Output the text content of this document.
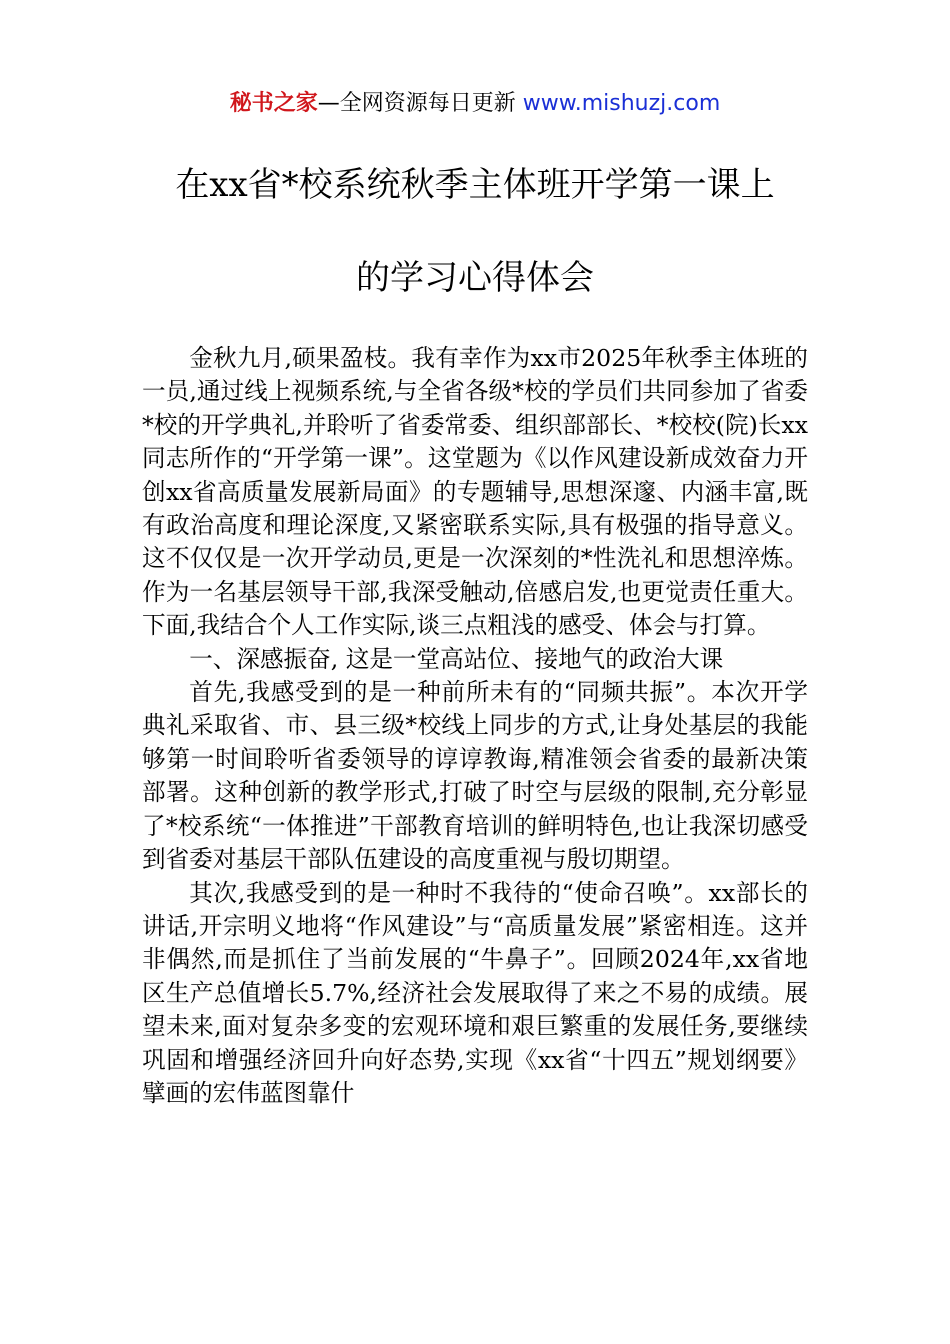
秘书之家—全网资源每日更新 www.mishuzj.com
在xx省*校系统秋季主体班开学第一课上
的学习心得体会

金秋九月,硕果盈枝。我有幸作为xx市2025年秋季主体班的一员,通过线上视频系统,与全省各级*校的学员们共同参加了省委*校的开学典礼,并聆听了省委常委、组织部部长、*校校(院)长xx同志所作的“开学第一课”。这堂题为《以作风建设新成效奋力开创xx省高质量发展新局面》的专题辅导,思想深邃、内涵丰富,既有政治高度和理论深度,又紧密联系实际,具有极强的指导意义。这不仅仅是一次开学动员,更是一次深刻的*性洗礼和思想淬炼。作为一名基层领导干部,我深受触动,倍感启发,也更觉责任重大。下面,我结合个人工作实际,谈三点粗浅的感受、体会与打算。

一、深感振奋, 这是一堂高站位、接地气的政治大课

首先,我感受到的是一种前所未有的“同频共振”。本次开学典礼采取省、市、县三级*校线上同步的方式,让身处基层的我能够第一时间聆听省委领导的谆谆教诲,精准领会省委的最新决策部署。这种创新的教学形式,打破了时空与层级的限制,充分彰显了*校系统“一体推进”干部教育培训的鲜明特色,也让我深切感受到省委对基层干部队伍建设的高度重视与殷切期望。

其次,我感受到的是一种时不我待的“使命召唤”。xx部长的讲话,开宗明义地将“作风建设”与“高质量发展”紧密相连。这并非偶然,而是抓住了当前发展的“牛鼻子”。回顾2024年,xx省地区生产总值增长5.7%,经济社会发展取得了来之不易的成绩。展望未来,面对复杂多变的宏观环境和艰巨繁重的发展任务,要继续巩固和增强经济回升向好态势,实现《xx省“十四五”规划纲要》擘画的宏伟蓝图靠什
